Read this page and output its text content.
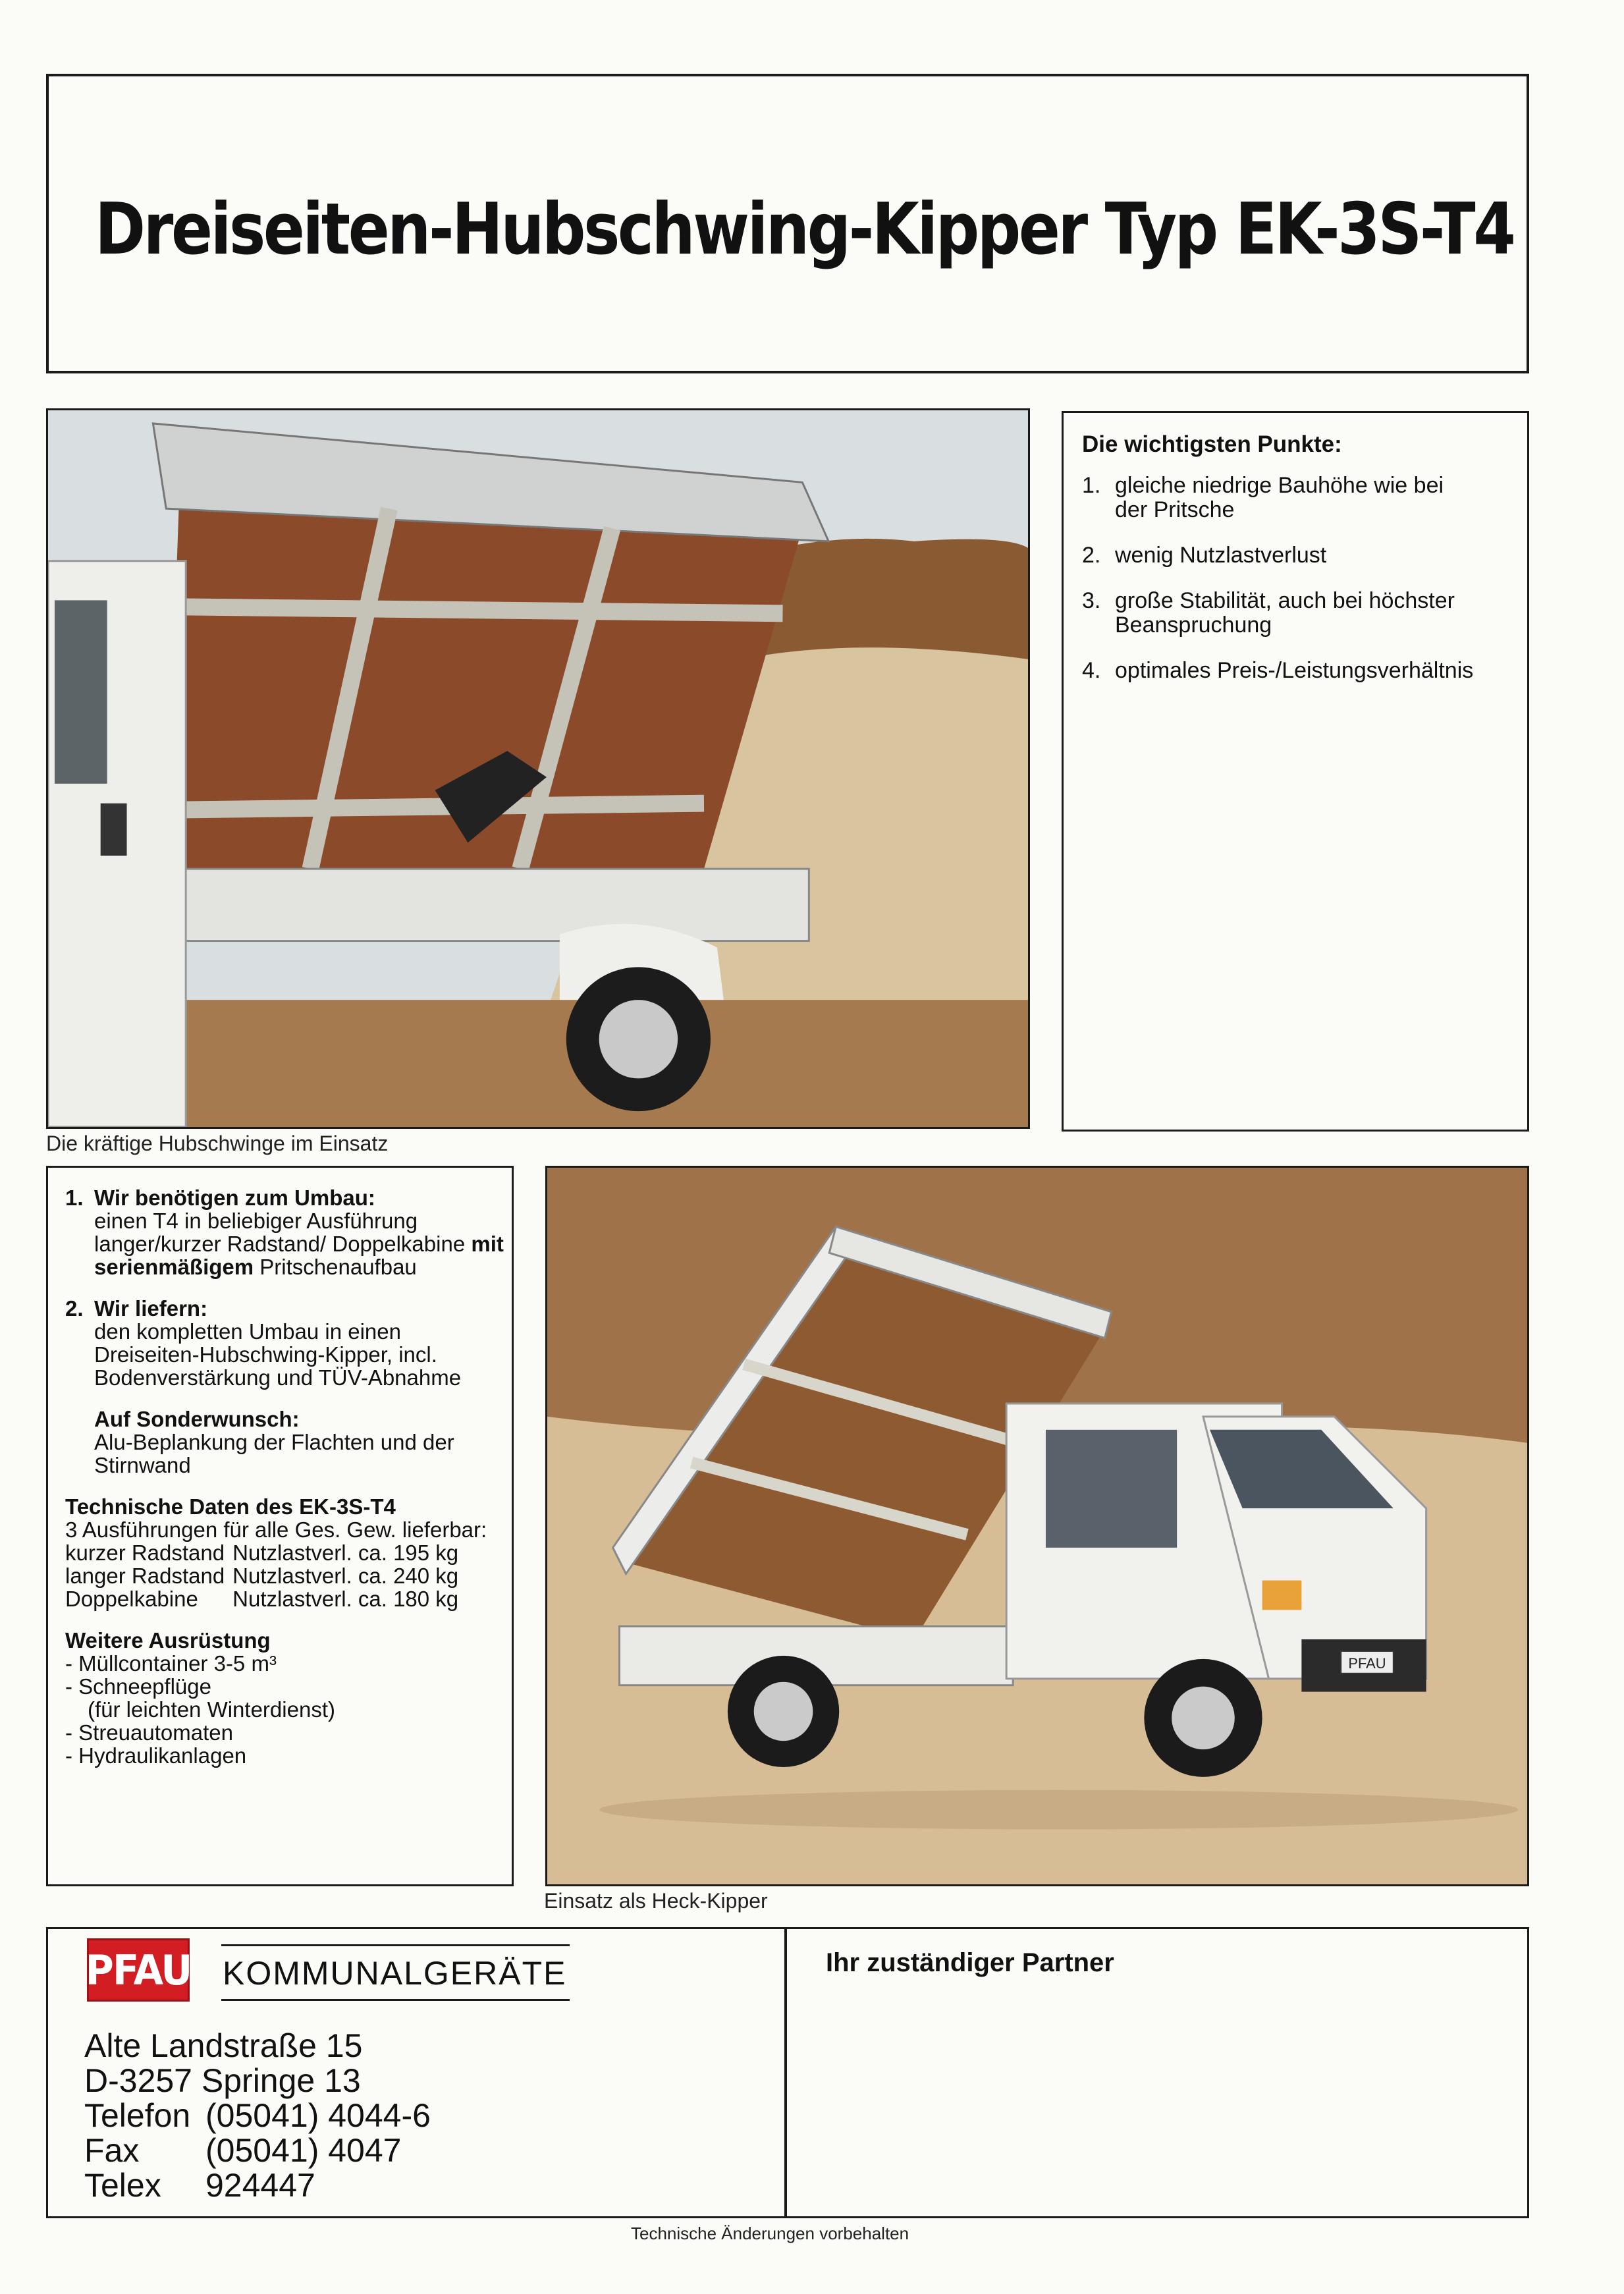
Dreiseiten-Hubschwing-Kipper Typ EK-3S-T4
Die kräftige Hubschwinge im Einsatz
Die wichtigsten Punkte:
1. gleiche niedrige Bauhöhe wie bei der Pritsche
2. wenig Nutzlastverlust
3. große Stabilität, auch bei höchster Beanspruchung
4. optimales Preis-/Leistungsverhältnis
1. Wir benötigen zum Umbau:
einen T4 in beliebiger Ausführung langer/kurzer Radstand/ Doppelkabine mit serienmäßigem Pritschenaufbau
2. Wir liefern:
den kompletten Umbau in einen Dreiseiten-Hubschwing-Kipper, incl. Bodenverstärkung und TÜV-Abnahme
Auf Sonderwunsch:
Alu-Beplankung der Flachten und der Stirnwand
Technische Daten des EK-3S-T4
3 Ausführungen für alle Ges. Gew. lieferbar:
kurzer Radstand	Nutzlastverl. ca. 195 kg
langer Radstand	Nutzlastverl. ca. 240 kg
Doppelkabine	Nutzlastverl. ca. 180 kg
Weitere Ausrüstung
- Müllcontainer 3-5 m³
- Schneepflüge
(für leichten Winterdienst)
- Streuautomaten
- Hydraulikanlagen
PFAU
Einsatz als Heck-Kipper
PFAU KOMMUNALGERÄTE
Alte Landstraße 15	
D-3257 Springe 13	
Telefon	(05041) 4044-6
Fax	(05041) 4047
Telex	924447
Ihr zuständiger Partner
Technische Änderungen vorbehalten
